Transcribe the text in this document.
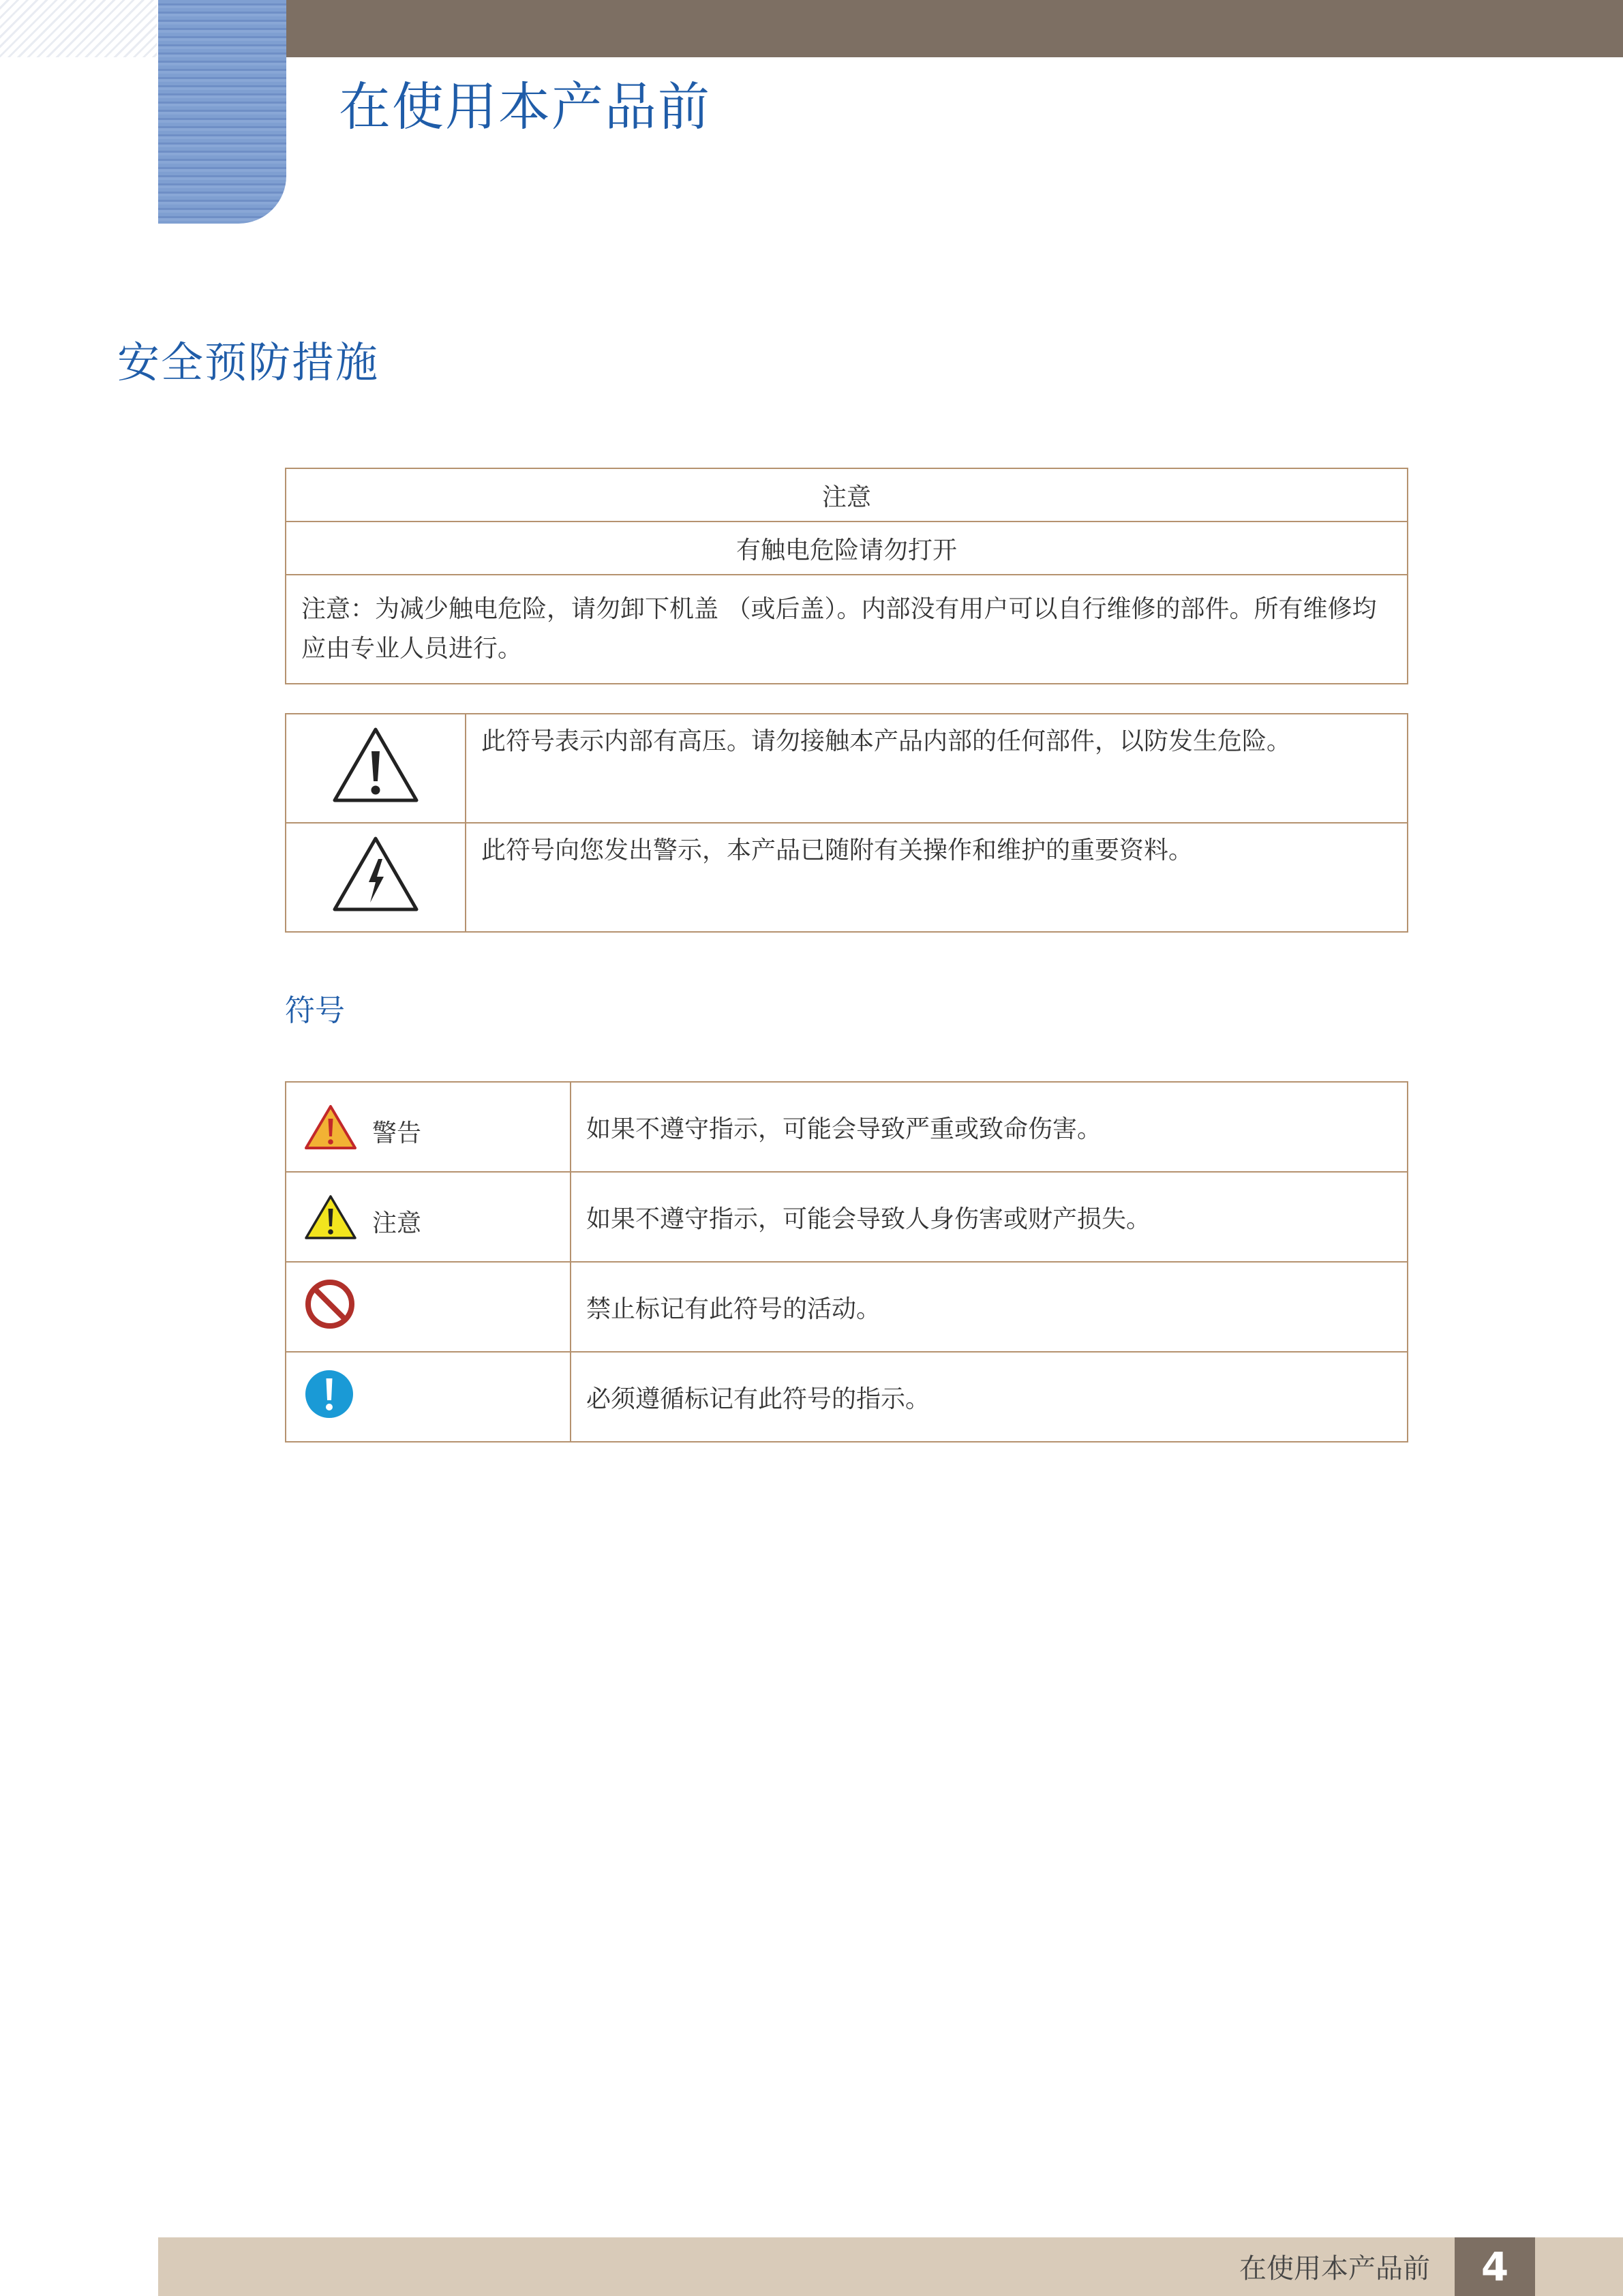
在使用本产品前
安全预防措施
注意
有触电危险请勿打开
注意：为减少触电危险，请勿卸下机盖 （或后盖）。内部没有用户可以自行维修的部件。所有维修均应由专业人员进行。
	此符号表示内部有高压。请勿接触本产品内部的任何部件，以防发生危险。
	此符号向您发出警示，本产品已随附有关操作和维护的重要资料。
符号
警告	如果不遵守指示，可能会导致严重或致命伤害。

注意	如果不遵守指示，可能会导致人身伤害或财产损失。
	禁止标记有此符号的活动。
	必须遵循标记有此符号的指示。
在使用本产品前	4
